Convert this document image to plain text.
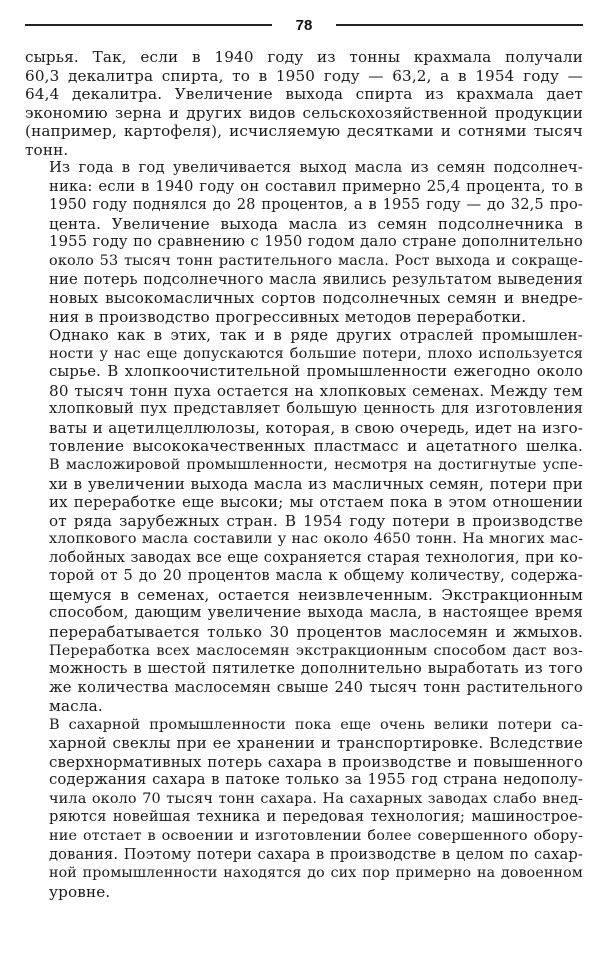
78

сырья. Так, если в 1940 году из тонны крахмала получали
60,3 декалитра спирта, то в 1950 году — 63,2, а в 1954 году —
64,4 декалитра. Увеличение выхода спирта из крахмала дает
экономию зерна и других видов сельскохозяйственной продукции
(например, картофеля), исчисляемую десятками и сотнями тысяч
тонн.

Из года в год увеличивается выход масла из семян подсолнеч-
ника: если в 1940 году он составил примерно 25,4 процента, то в
1950 году поднялся до 28 процентов, а в 1955 году — до 32,5 про-
цента. Увеличение выхода масла из семян подсолнечника в
1955 году по сравнению с 1950 годом дало стране дополнительно
около 53 тысяч тонн растительного масла. Рост выхода и сокраще-
ние потерь подсолнечного масла явились результатом выведения
новых высокомасличных сортов подсолнечных семян и внедре-
ния в производство прогрессивных методов переработки.

Однако как в этих, так и в ряде других отраслей промышлен-
ности у нас еще допускаются большие потери, плохо используется
сырье. В хлопкоочистительной промышленности ежегодно около
80 тысяч тонн пуха остается на хлопковых семенах. Между тем
хлопковый пух представляет большую ценность для изготовления
ваты и ацетилцеллюлозы, которая, в свою очередь, идет на изго-
товление высококачественных пластмасс и ацетатного шелка.
В масложировой промышленности, несмотря на достигнутые успе-
хи в увеличении выхода масла из масличных семян, потери при
их переработке еще высоки; мы отстаем пока в этом отношении
от ряда зарубежных стран. В 1954 году потери в производстве
хлопкового масла составили у нас около 4650 тонн. На многих мас-
лобойных заводах все еще сохраняется старая технология, при ко-
торой от 5 до 20 процентов масла к общему количеству, содержа-
щемуся в семенах, остается неизвлеченным. Экстракционным
способом, дающим увеличение выхода масла, в настоящее время
перерабатывается только 30 процентов маслосемян и жмыхов.
Переработка всех маслосемян экстракционным способом даст воз-
можность в шестой пятилетке дополнительно выработать из того
же количества маслосемян свыше 240 тысяч тонн растительного
масла.

В сахарной промышленности пока еще очень велики потери са-
харной свеклы при ее хранении и транспортировке. Вследствие
сверхнормативных потерь сахара в производстве и повышенного
содержания сахара в патоке только за 1955 год страна недополу-
чила около 70 тысяч тонн сахара. На сахарных заводах слабо внед-
ряются новейшая техника и передовая технология; машинострое-
ние отстает в освоении и изготовлении более совершенного обору-
дования. Поэтому потери сахара в производстве в целом по сахар-
ной промышленности находятся до сих пор примерно на довоенном
уровне.
